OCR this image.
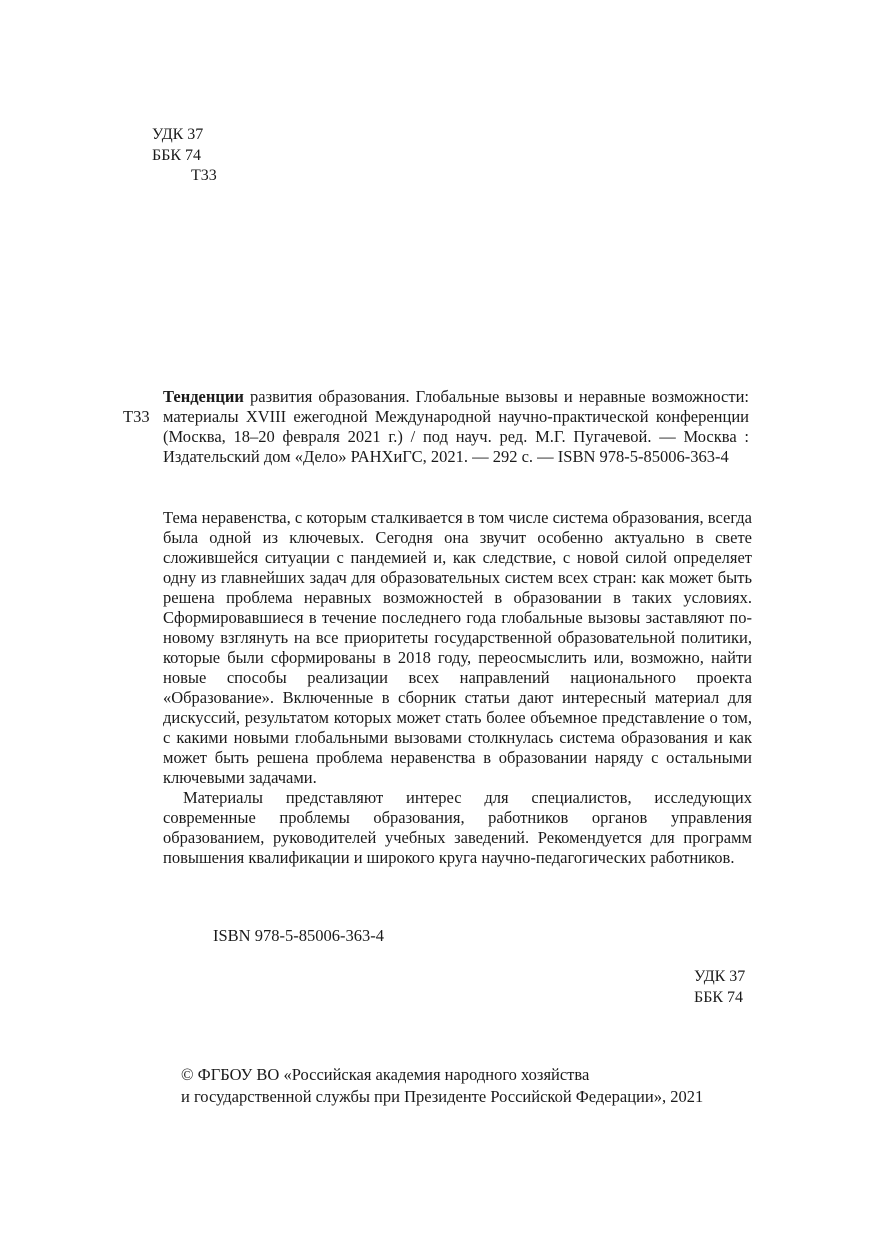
УДК 37
ББК 74
Т33
Т33

Тенденции развития образования. Глобальные вызовы и неравные возможности: материалы XVIII ежегодной Международной научно-практической конференции (Москва, 18–20 февраля 2021 г.) / под науч. ред. М.Г. Пугачевой. — Москва : Издательский дом «Дело» РАНХиГС, 2021. — 292 с. — ISBN 978-5-85006-363-4

Тема неравенства, с которым сталкивается в том числе система образования, всегда была одной из ключевых. Сегодня она звучит особенно актуально в свете сложившейся ситуации с пандемией и, как следствие, с новой силой определяет одну из главнейших задач для образовательных систем всех стран: как может быть решена проблема неравных возможностей в образовании в таких условиях. Сформировавшиеся в течение последнего года глобальные вызовы заставляют по-новому взглянуть на все приоритеты государственной образовательной политики, которые были сформированы в 2018 году, переосмыслить или, возможно, найти новые способы реализации всех направлений национального проекта «Образование». Включенные в сборник статьи дают интересный материал для дискуссий, результатом которых может стать более объемное представление о том, с какими новыми глобальными вызовами столкнулась система образования и как может быть решена проблема неравенства в образовании наряду с остальными ключевыми задачами.

Материалы представляют интерес для специалистов, исследующих современные проблемы образования, работников органов управления образованием, руководителей учебных заведений. Рекомендуется для программ повышения квалификации и широкого круга научно-педагогических работников.

ISBN 978-5-85006-363-4
УДК 37
ББК 74
© ФГБОУ ВО «Российская академия народного хозяйства
и государственной службы при Президенте Российской Федерации», 2021
